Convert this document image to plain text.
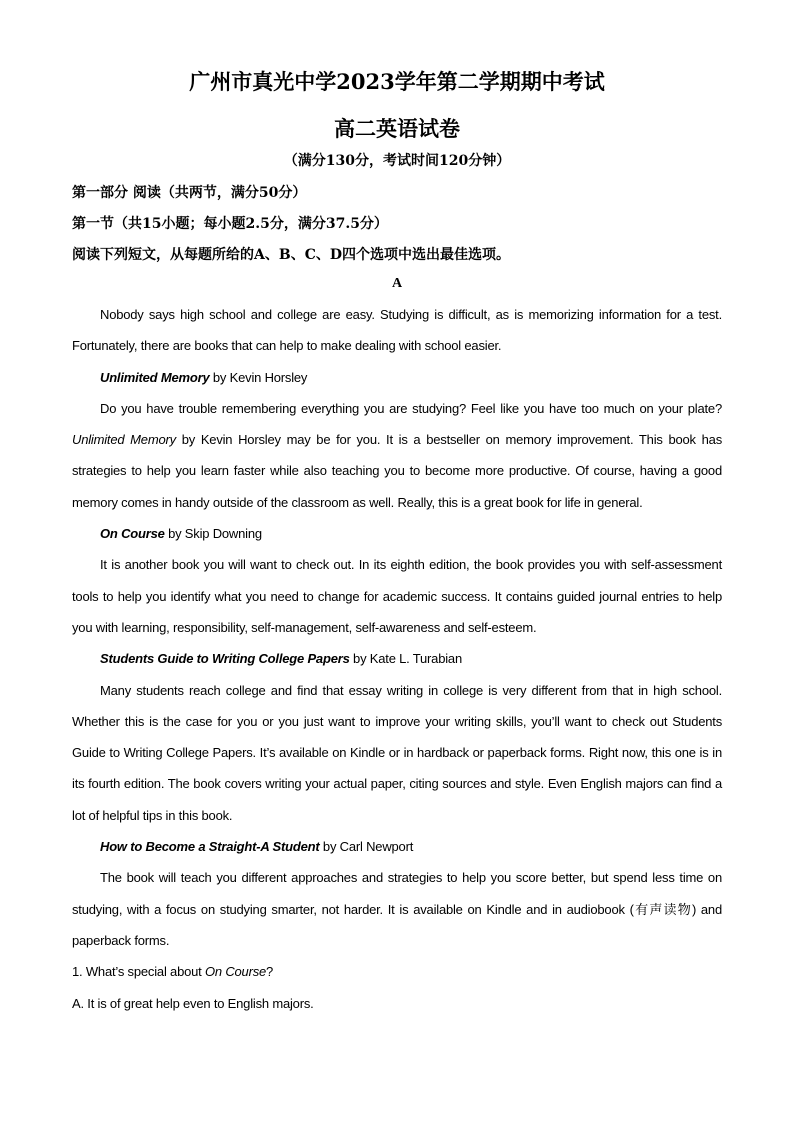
广州市真光中学2023学年第二学期期中考试
高二英语试卷
（满分130分，考试时间120分钟）
第一部分 阅读（共两节，满分50分）
第一节（共15小题；每小题2.5分，满分37.5分）
阅读下列短文，从每题所给的A、B、C、D四个选项中选出最佳选项。
A

Nobody says high school and college are easy. Studying is difficult, as is memorizing information for a test. Fortunately, there are books that can help to make dealing with school easier.

Unlimited Memory by Kevin Horsley

Do you have trouble remembering everything you are studying? Feel like you have too much on your plate? Unlimited Memory by Kevin Horsley may be for you. It is a bestseller on memory improvement. This book has strategies to help you learn faster while also teaching you to become more productive. Of course, having a good memory comes in handy outside of the classroom as well. Really, this is a great book for life in general.

On Course by Skip Downing

It is another book you will want to check out. In its eighth edition, the book provides you with self-assessment tools to help you identify what you need to change for academic success. It contains guided journal entries to help you with learning, responsibility, self-management, self-awareness and self-esteem.

Students Guide to Writing College Papers by Kate L. Turabian

Many students reach college and find that essay writing in college is very different from that in high school. Whether this is the case for you or you just want to improve your writing skills, you’ll want to check out Students Guide to Writing College Papers. It’s available on Kindle or in hardback or paperback forms. Right now, this one is in its fourth edition. The book covers writing your actual paper, citing sources and style. Even English majors can find a lot of helpful tips in this book.

How to Become a Straight-A Student by Carl Newport

The book will teach you different approaches and strategies to help you score better, but spend less time on studying, with a focus on studying smarter, not harder. It is available on Kindle and in audiobook (有声读物) and paperback forms.

1. What’s special about On Course?

A. It is of great help even to English majors.
